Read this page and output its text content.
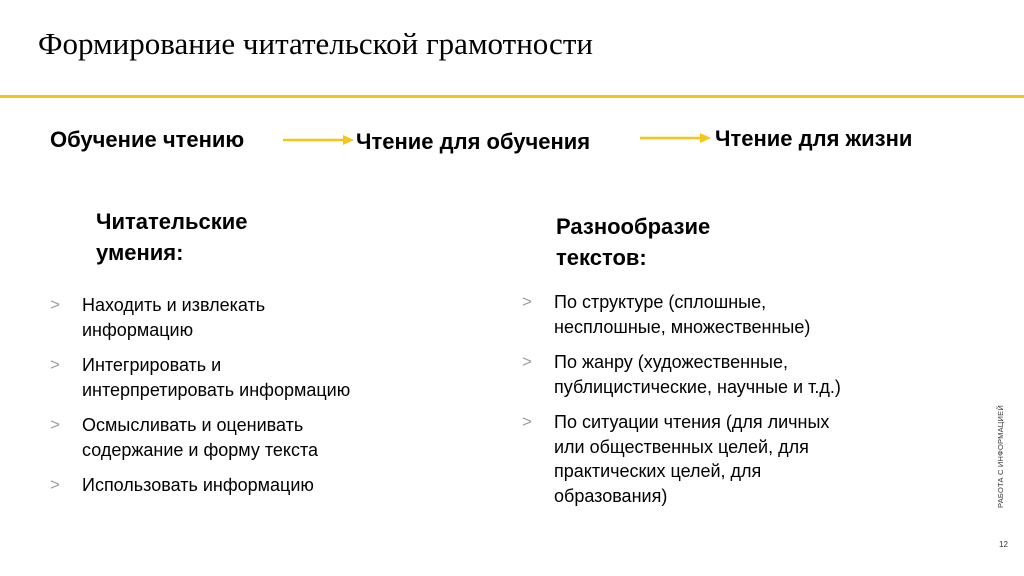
Формирование читательской грамотности
Обучение чтению	Чтение для обучения	Чтение для жизни
Читательские
умения:
> Находить и извлекать
информацию
> Интегрировать и
интерпретировать информацию
> Осмысливать и оценивать
содержание и форму текста
> Использовать информацию
Разнообразие
текстов:
> По структуре (сплошные,
несплошные, множественные)
> По жанру (художественные,
публицистические, научные и т.д.)
> По ситуации чтения (для личных
или общественных целей, для
практических целей, для
образования)	РАБОТА С ИНФОРМАЦИЕЙ
12
